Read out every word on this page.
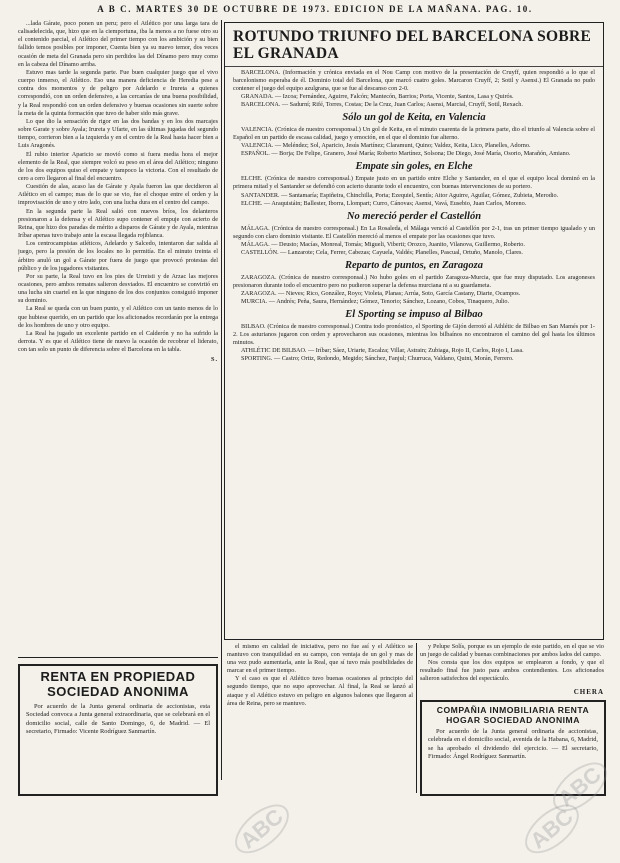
A B C. MARTES 30 DE OCTUBRE DE 1973. EDICION DE LA MAÑANA. PAG. 10.

...lada Gárate, poco ponen un peru; pero el Atlético por una larga tara de calisadelecida, que, hizo que en la ciemportuna, iba la menos a no fuese otro su el contenido parcial, el Atlético del primer tiempo con los ambición y su bien fallido temos posibles por imponer, Cuenta bien ya su nuevo temor, dos veces ocasión de meta del Granada pero sin perdidos las del Dínamo pero muy como en la cabeza del Dínamo arriba.

Estuvo mas tarde la segunda parte. Fue buen cualquier juego que el vivo cuerpo inmerso, el Atlético. Eso una manera deficiencia de Heredia pese a contra dos momentos y de peligro por Adelardo e Irureta a quienes correspondió, con un orden defensivo, a las cercanías de una buena posibilidad, y la Real respondió con un orden defensivo y buenas ocasiones sin suerte sobre la meta de la quinta formación que tuvo de haber sido más grave.

Lo que dio la sensación de rigor en las dos bandas y en los dos marcajes sobre Garate y sobre Ayala; Irureta y Ufarte, en las últimas jugadas del segundo tiempo, corrieron bien a la izquierda y en el centro de la Real hasta hacer bien a Luis Aragonés.

El rubio interior Aparicio se movió como si fuera media hora el mejor elemento de la Real, que siempre volcó su peso en el área del Atlético; ninguno de los dos equipos quiso el empate y tampoco la victoria. Con el resultado de cero a cero llegaron al final del encuentro.

Cuestión de alas, acaso las de Gárate y Ayala fueron las que decidieron al Atlético en el campo; mas de lo que se vio, fue el choque entre el orden y la improvisación de uno y otro lado, con una lucha dura en el centro del campo.

En la segunda parte la Real salió con nuevos bríos, los delanteros presionaron a la defensa y el Atlético supo contener el empuje con acierto de Reina, que hizo dos paradas de mérito a disparos de Gárate y de Ayala, mientras Iríbar apenas tuvo trabajo ante la escasa llegada rojiblanca.

Los centrocampistas atléticos, Adelardo y Salcedo, intentaron dar salida al juego, pero la presión de los locales no lo permitía. En el minuto treinta el árbitro anuló un gol a Gárate por fuera de juego que provocó protestas del público y de los jugadores visitantes.

Por su parte, la Real tuvo en los pies de Urreisti y de Arzac las mejores ocasiones, pero ambos remates salieron desviados. El encuentro se convirtió en una lucha sin cuartel en la que ninguno de los dos conjuntos consiguió imponer su dominio.

La Real se queda con un buen punto, y el Atlético con un tanto menos de lo que hubiese querido, en un partido que los aficionados recordarán por la entrega de los hombres de uno y otro equipo.

La Real ha jugado un excelente partido en el Calderón y no ha sufrido la derrota. Y es que el Atlético tiene de nuevo la ocasión de recobrar el liderato, con tan solo un punto de diferencia sobre el Barcelona en la tabla.

S.
ROTUNDO TRIUNFO DEL BARCELONA SOBRE EL GRANADA

BARCELONA. (Información y crónica enviada en el Nou Camp con motivo de la presentación de Cruyff, quien respondió a lo que el barcelonismo esperaba de él. Dominio total del Barcelona, que marcó cuatro goles. Marcaron Cruyff, 2; Sotil y Asensi.) El Granada no pudo contener el juego del equipo azulgrana, que se fue al descanso con 2-0.

GRANADA. — Izcoa; Fernández, Aguirre, Falcón; Mantecón, Barrios; Porta, Vicente, Santos, Lasa y Quirós.

BARCELONA. — Sadurní; Rifé, Torres, Costas; De la Cruz, Juan Carlos; Asensi, Marcial, Cruyff, Sotil, Rexach.

Sólo un gol de Keita, en Valencia

VALENCIA. (Crónica de nuestro corresponsal.) Un gol de Keita, en el minuto cuarenta de la primera parte, dio el triunfo al Valencia sobre el Español en un partido de escasa calidad, juego y emoción, en el que el dominio fue alterno.

VALENCIA. — Meléndez; Sol, Aparicio, Jesús Martínez; Claramunt, Quino; Valdez, Keita, Lico, Planelles, Adorno.

ESPAÑOL. — Borja; De Felipe, Granero, José María; Roberto Martínez, Solsona; De Diego, José María, Osorio, Marañón, Amiano.

Empate sin goles, en Elche

ELCHE. (Crónica de nuestro corresponsal.) Empate justo en un partido entre Elche y Santander, en el que el equipo local dominó en la primera mitad y el Santander se defendió con acierto durante todo el encuentro, con buenas intervenciones de su portero.

SANTANDER. — Santamaría; Espiñeira, Chinchilla, Porta; Ezequiel, Sentís; Aitor Aguirre, Aguilar, Gómez, Zubieta, Merodio.

ELCHE. — Araquistáin; Ballester, Iborra, Llompart; Curro, Cánovas; Asensi, Vavá, Eusebio, Juan Carlos, Moreno.

No mereció perder el Castellón

MÁLAGA. (Crónica de nuestro corresponsal.) En La Rosaleda, el Málaga venció al Castellón por 2-1, tras un primer tiempo igualado y un segundo con claro dominio visitante. El Castellón mereció al menos el empate por las ocasiones que tuvo.

MÁLAGA. — Deusto; Macías, Monreal, Tomás; Migueli, Viberti; Orozco, Juanito, Vilanova, Guillermo, Roberto.

CASTELLÓN. — Lanzarote; Cela, Ferrer, Cabezas; Cayuela, Valdés; Planelles, Pascual, Ortuño, Manolo, Clares.

Reparto de puntos, en Zaragoza

ZARAGOZA. (Crónica de nuestro corresponsal.) No hubo goles en el partido Zaragoza-Murcia, que fue muy disputado. Los aragoneses presionaron durante todo el encuentro pero no pudieron superar la defensa murciana ni a su guardameta.

ZARAGOZA. — Nieves; Rico, González, Royo; Violeta, Planas; Arrúa, Soto, García Castany, Diarte, Ocampos.

MURCIA. — Andrés; Peña, Saura, Hernández; Gómez, Tenorio; Sánchez, Lozano, Cobos, Tinaquero, Julio.

El Sporting se impuso al Bilbao

BILBAO. (Crónica de nuestro corresponsal.) Contra todo pronóstico, el Sporting de Gijón derrotó al Athlétic de Bilbao en San Mamés por 1-2. Los asturianos jugaron con orden y aprovecharon sus ocasiones, mientras los bilbaínos no encontraron el camino del gol hasta los últimos minutos.

ATHLÉTIC DE BILBAO. — Iríbar; Sáez, Uriarte, Escalza; Villar, Astrain; Zubiaga, Rojo II, Carlos, Rojo I, Lasa.

SPORTING. — Castro; Ortiz, Redondo, Megido; Sánchez, Fanjul; Churruca, Valdano, Quini, Morán, Ferrero.

RENTA EN PROPIEDAD SOCIEDAD ANONIMA
Por acuerdo de la Junta general ordinaria de accionistas, esta Sociedad convoca a Junta general extraordinaria, que se celebrará en el domicilio social, calle de Santo Domingo, 6, de Madrid. — El secretario, Firmado: Vicente Rodríguez Sanmartín.

el mismo en calidad de iniciativa, pero no fue así y el Atlético se mantuvo con tranquilidad en su campo, con ventaja de un gol y mas de una vez pudo aumentarla, ante la Real, que sí tuvo más posibilidades de marcar en el primer tiempo.

Y el caso es que el Atlético tuvo buenas ocasiones al principio del segundo tiempo, que no supo aprovechar. Al final, la Real se lanzó al ataque y el Atlético estuvo en peligro en algunos balones que llegaron al área de Reina, pero se mantuvo.

y Pelupe Solís, porque es un ejemplo de este partido, en el que se vio un juego de calidad y buenas combinaciones por ambos lados del campo.

Nos consta que los dos equipos se emplearon a fondo, y que el resultado final fue justo para ambos contendientes. Los aficionados salieron satisfechos del espectáculo.

CHERA
COMPAÑIA INMOBILIARIA RENTA HOGAR SOCIEDAD ANONIMA
Por acuerdo de la Junta general ordinaria de accionistas, celebrada en el domicilio social, avenida de la Habana, 6, Madrid, se ha aprobado el dividendo del ejercicio. — El secretario, Firmado: Ángel Rodríguez Sanmartín.
ABC
ABC	ABC
